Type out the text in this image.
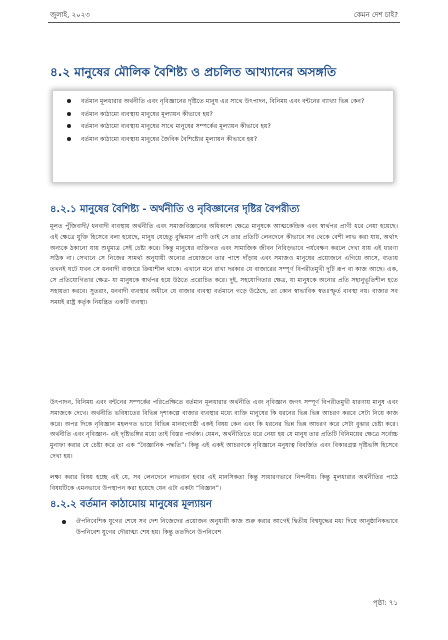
জুলাই, ২০২৩	কেমন দেশ চাই?
৪.২ মানুষের মৌলিক বৈশিষ্ট্য ও প্রচলিত আখ্যানের অসঙ্গতি
বর্তমান মূলধারার অর্থনীতি এবং নৃবিজ্ঞানের দৃষ্টিতে মানুষ এর সাথে উৎপাদন, বিনিময় এবং বন্টনের ব্যাখ্যা ভিন্ন কেন?
বর্তমান কাঠামো ব্যবস্থায় মানুষের মূল্যায়ন কীভাবে হয়?
বর্তমান কাঠামো ব্যবস্থায় মানুষের সাথে মানুষের সম্পর্কের মূল্যায়ন কীভাবে হয়?
বর্তমান কাঠামো ব্যবস্থায় মানুষের জৈবিক বৈশিষ্ট্যের মূল্যায়ন কীভাবে হয়?
৪.২.১ মানুষের বৈশিষ্ট্য - অর্থনীতি ও নৃবিজ্ঞানের দৃষ্টির বৈপরীত্য

মূলত পুঁজিবাদী/ ধনবাদী ব্যবস্থায় অর্থনীতি এবং সমাজবিজ্ঞানের অধিকাংশ ক্ষেত্রে মানুষকে আত্মকেন্দ্রিক এবং স্বার্থপর প্রাণী ধরে নেয়া হয়েছে। এই ক্ষেত্রে যুক্তি হিসেবে বলা হয়েছে, মানুষ যেহেতু বুদ্ধিমান প্রাণী তাই সে তার প্রতিটি লেনদেনে কীভাবে সব থেকে বেশী লাভ করা যায়, অর্থাৎ অন্যকে ঠকানো যায় শুধুমাত্র সেই চেষ্টা করে। কিন্তু মানুষের ব্যক্তিগত এবং সামাজিক জীবন নিবিড়ভাবে পর্যবেক্ষণ করলে দেখা যায় এই ধারণা সঠিক না। সেখানে সে নিজের সামর্থ্য অনুযায়ী অন্যের প্রয়োজনে তার পাশে দাঁড়ায় এবং সমাজও মানুষের প্রয়োজনে এগিয়ে আসে, ব্যত্যয় তখনই ঘটে যখন সে ধনবাদী বাজারে ক্রিয়াশীল থাকে। এখানে মনে রাখা দরকার যে বাজারের সম্পূর্ণ বিপরীতমুখী দুটি রূপ বা কাজ আছে। এক, সে প্রতিযোগিতার ক্ষেত্র- যা মানুষকে স্বার্থপর হয়ে উঠতে প্ররোচিত করে। দুই, সহযোগিতার ক্ষেত্র, যা মানুষকে অন্যের প্রতি সহানুভূতিশীল হতে সহায়তা করবে। সুতরাং, ধনবাদী ব্যবস্থার অধীনে যে বাজার ব্যবস্থা বর্তমানে গড়ে উঠেছে, তা কোন স্বাভাবিক স্বতঃস্ফূর্ত ব্যবস্থা নয়। বাজার সব সময়ই রাষ্ট্র কর্তৃক নিয়ন্ত্রিত একটি ব্যবস্থা।

উৎপাদন, বিনিময় এবং বন্টনের সম্পর্কের পরিপ্রেক্ষিতে বর্তমান মূলধারার অর্থনীতি এবং নৃবিজ্ঞান জগৎ সম্পূর্ণ বিপরীতমুখী ধারণায় মানুষ এবং সমাজকে দেখে। অর্থনীতি ভবিষ্যতের বিভিন্ন দৃশ্যকল্পে বাজার ব্যবস্থার মধ্যে ব্যক্তি মানুষের কি ধরনের ভিন্ন ভিন্ন আচরণ করবে সেটা নিয়ে কাজ করে। অপর দিকে নৃবিজ্ঞান মহলগত ভাবে বিভিন্ন মানবগোষ্ঠী একই বিষয় কেন এবং কি ধরনের ভিন্ন ভিন্ন আচরণ করে সেটা বুঝার চেষ্টা করে। অর্থনীতি এবং নৃবিজ্ঞান- এই দৃষ্টিভঙ্গির মধ্যে তাই বিস্তর পার্থক্য। যেমন, অর্থনীতিতে ধরে নেয়া হয় যে মানুষ তার প্রতিটি বিনিময়ের ক্ষেত্রে সর্বোচ্চ মুনাফা করার যে চেষ্টা করে তা এক “বৈজ্ঞানিক পদ্ধতি”। কিন্তু এই একই আচরণকে নৃবিজ্ঞানে মনুষ্যত্ব বিবর্জিত এবং বিকারগ্রস্ত দৃষ্টিভঙ্গি হিসেবে দেখা হয়।

লক্ষ্য করার বিষয় হচ্ছে এই যে, সব লেনদেনে লাভবান হবার এই মানসিকতা কিন্তু সাধারণভাবে নিন্দনীয়। কিন্তু মূলধারার অর্থনীতির পাঠে বিষয়টিকে এমনভাবে উপস্থাপন করা হয়েছে যেন এটা একটা “বিজ্ঞান”।

৪.২.২ বর্তমান কাঠামোয় মানুষের মূল্যায়ন
ঔপনিবেশিক যুগের শেষে সব দেশ নিজেদের প্রয়োজন অনুযায়ী কাজ শুরু করার আগেই দ্বিতীয় বিশ্বযুদ্ধের মধ্য দিয়ে আনুষ্ঠানিকভাবে উপনিবেশ যুগের দৌরাত্ম্য শেষ হয়। কিন্তু ততদিনে উপনিবেশ
পৃষ্ঠা: ৭১
